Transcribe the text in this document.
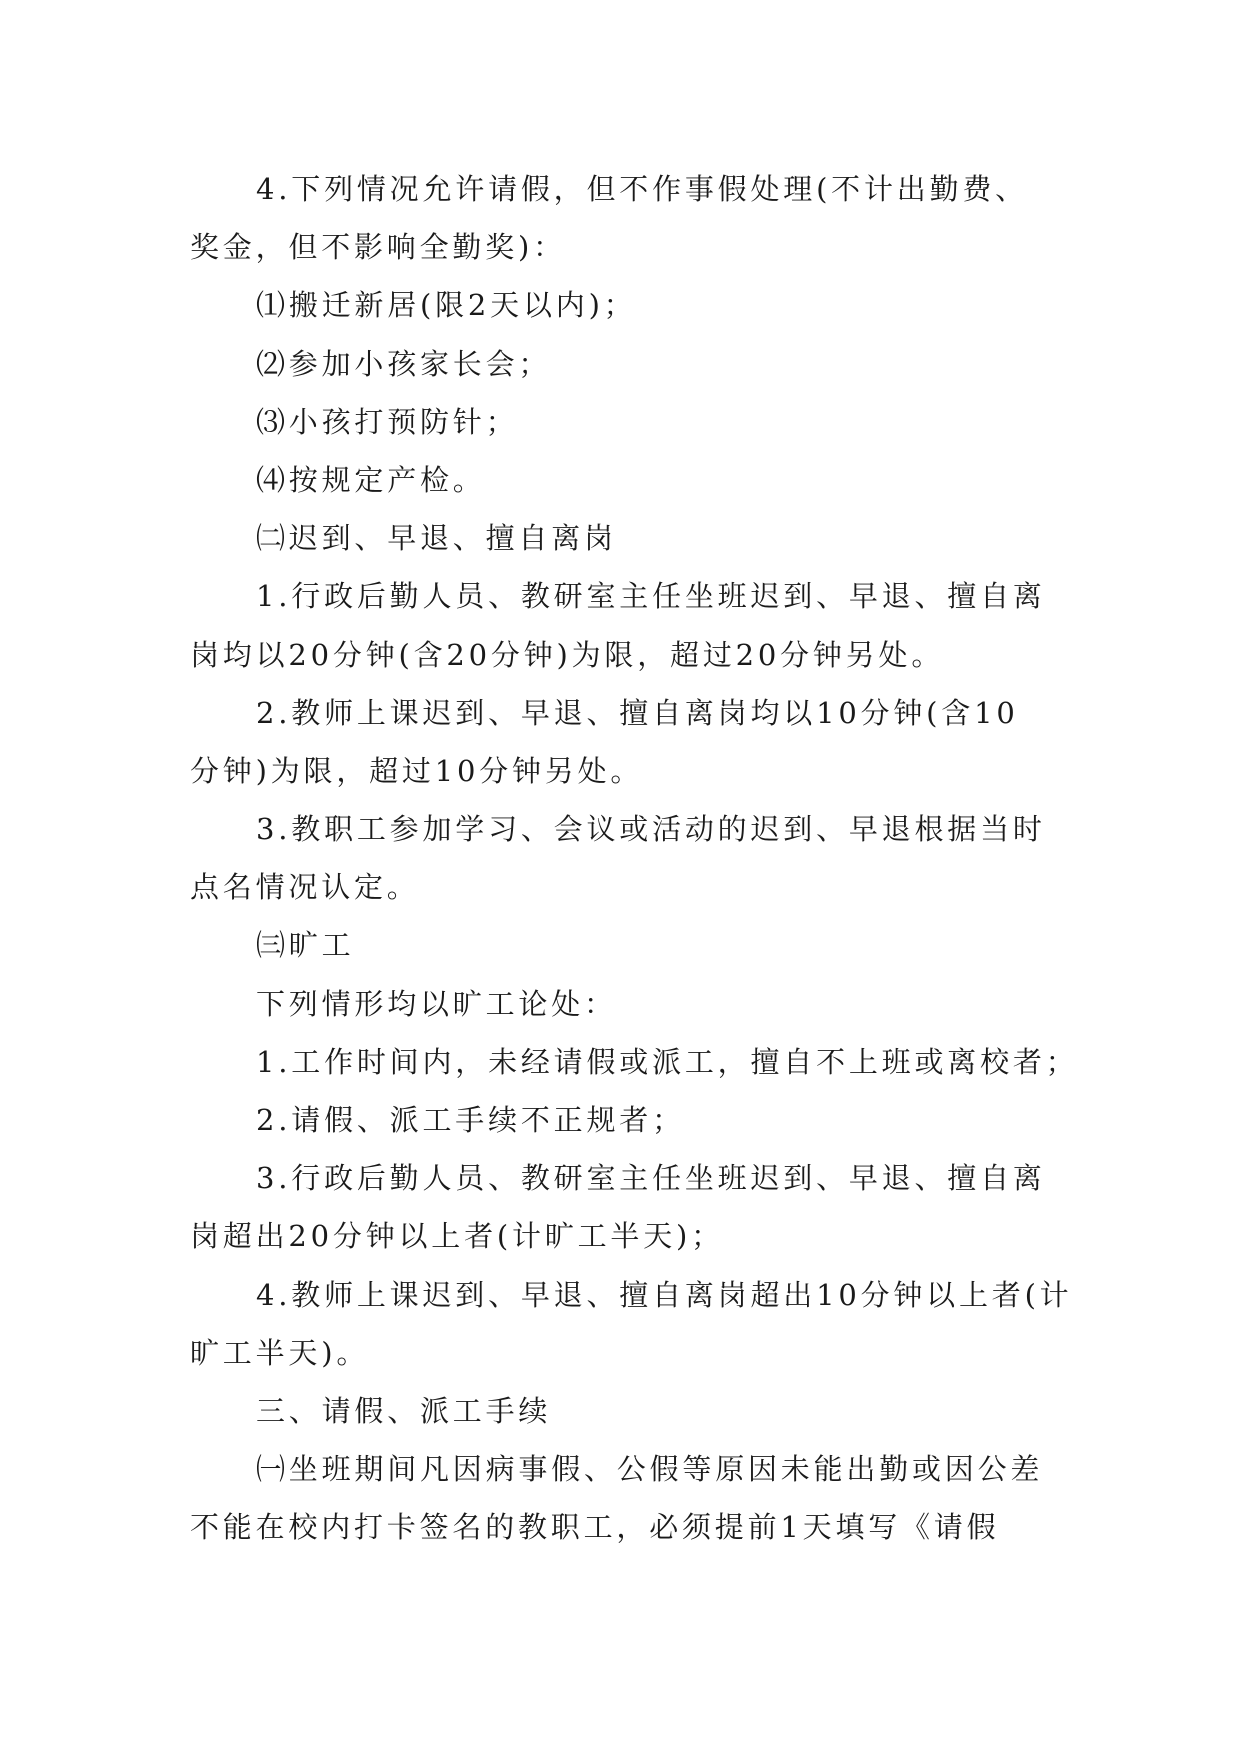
4.下列情况允许请假，但不作事假处理(不计出勤费、
奖金，但不影响全勤奖)：
⑴搬迁新居(限2天以内)；
⑵参加小孩家长会；
⑶小孩打预防针；
⑷按规定产检。
㈡迟到、早退、擅自离岗
1.行政后勤人员、教研室主任坐班迟到、早退、擅自离
岗均以20分钟(含20分钟)为限，超过20分钟另处。
2.教师上课迟到、早退、擅自离岗均以10分钟(含10
分钟)为限，超过10分钟另处。
3.教职工参加学习、会议或活动的迟到、早退根据当时
点名情况认定。
㈢旷工
下列情形均以旷工论处：
1.工作时间内，未经请假或派工，擅自不上班或离校者；
2.请假、派工手续不正规者；
3.行政后勤人员、教研室主任坐班迟到、早退、擅自离
岗超出20分钟以上者(计旷工半天)；
4.教师上课迟到、早退、擅自离岗超出10分钟以上者(计
旷工半天)。
三、请假、派工手续
㈠坐班期间凡因病事假、公假等原因未能出勤或因公差
不能在校内打卡签名的教职工，必须提前1天填写《请假
